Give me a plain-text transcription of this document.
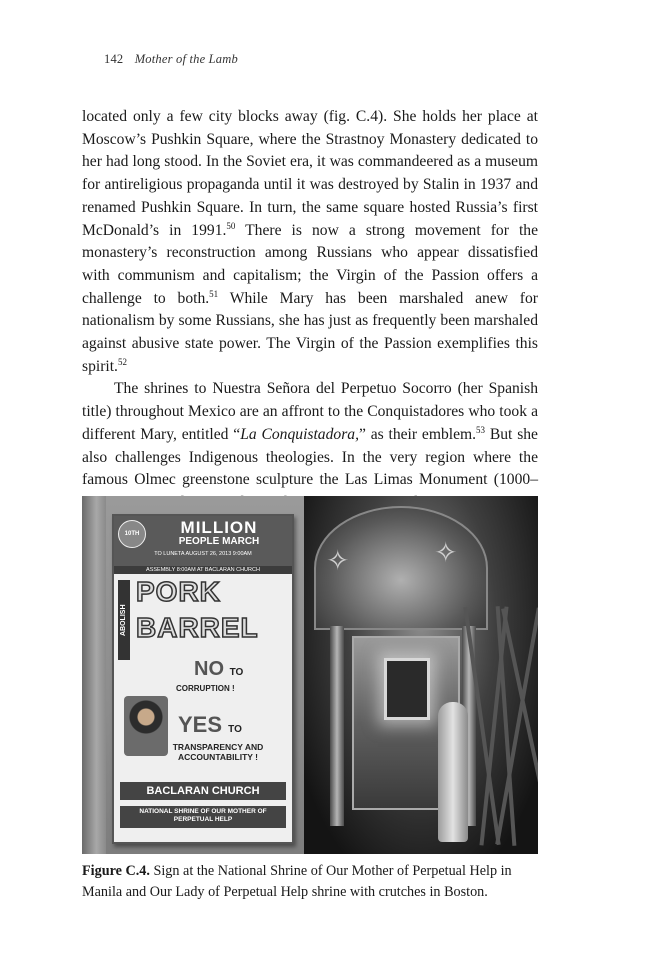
142 Mother of the Lamb

located only a few city blocks away (fig. C.4). She holds her place at Moscow’s Pushkin Square, where the Strastnoy Monastery dedicated to her had long stood. In the Soviet era, it was commandeered as a museum for antireligious propaganda until it was destroyed by Stalin in 1937 and renamed Pushkin Square. In turn, the same square hosted Russia’s first McDonald’s in 1991.50 There is now a strong movement for the monastery’s reconstruction among Russians who appear dissatisfied with communism and capitalism; the Virgin of the Passion offers a challenge to both.$^{51}$ While Mary has been marshaled anew for nationalism by some Russians, she has just as frequently been marshaled against abusive state power. The Virgin of the Passion exemplifies this spirit.$^{52}$

The shrines to Nuestra Señora del Perpetuo Socorro (her Spanish title) throughout Mexico are an affront to the Conquistadores who took a different Mary, entitled “La Conquistadora,” as their emblem.$^{53}$ But she also challenges Indigenous theologies. In the very region where the famous Olmec greenstone sculpture the Las Limas Monument (1000–

10TH	MILLION
PEOPLE MARCH
TO LUNETA AUGUST 26, 2013 9:00AM
ASSEMBLY 8:00AM AT BACLARAN CHURCH
ABOLISH
PORK
BARREL
NO TO
CORRUPTION !
YES TO
TRANSPARENCY AND ACCOUNTABILITY !
BACLARAN CHURCH
NATIONAL SHRINE OF OUR MOTHER OF PERPETUAL HELP
✧	✧

Figure C.4. Sign at the National Shrine of Our Mother of Perpetual Help in Manila and Our Lady of Perpetual Help shrine with crutches in Boston.
